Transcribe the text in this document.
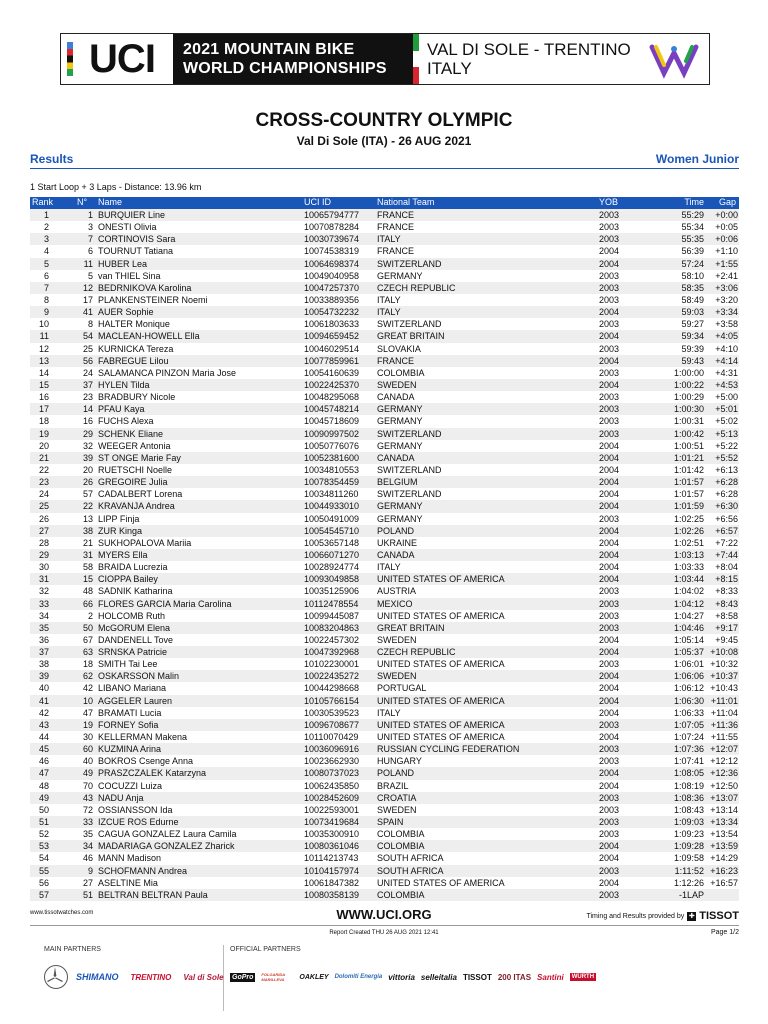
UCI 2021 MOUNTAIN BIKE
WORLD CHAMPIONSHIPS
VAL DI SOLE - TRENTINO
ITALY
CROSS-COUNTRY OLYMPIC
Val Di Sole (ITA) - 26 AUG 2021
Results	Women Junior
1 Start Loop + 3 Laps - Distance: 13.96 km
Rank	N°	Name	UCI ID	National Team	YOB	Time	Gap
1	1 BURQUIER Line	10065794777 FRANCE	2003	55:29	+0:00
2	3 ONESTI Olivia	10070878284 FRANCE	2003	55:34	+0:05
3	7 CORTINOVIS Sara	10030739674 ITALY	2003	55:35	+0:06
4	6 TOURNUT Tatiana	10074538319 FRANCE	2004	56:39	+1:10
5	11 HUBER Lea	10064698374 SWITZERLAND	2004	57:24	+1:55
6	5 van THIEL Sina	10049040958 GERMANY	2003	58:10	+2:41
7	12 BEDRNIKOVA Karolina	10047257370 CZECH REPUBLIC	2003	58:35	+3:06
8	17 PLANKENSTEINER Noemi	10033889356 ITALY	2003	58:49	+3:20
9	41 AUER Sophie	10054732232 ITALY	2004	59:03	+3:34
10	8 HALTER Monique	10061803633 SWITZERLAND	2003	59:27	+3:58
11	54 MACLEAN-HOWELL Ella	10094659452 GREAT BRITAIN	2004	59:34	+4:05
12	25 KURNICKA Tereza	10046029514 SLOVAKIA	2003	59:39	+4:10
13	56 FABREGUE Lilou	10077859961 FRANCE	2004	59:43	+4:14
14	24 SALAMANCA PINZON Maria Jose	10054160639 COLOMBIA	2003	1:00:00	+4:31
15	37 HYLEN Tilda	10022425370 SWEDEN	2004	1:00:22	+4:53
16	23 BRADBURY Nicole	10048295068 CANADA	2003	1:00:29	+5:00
17	14 PFAU Kaya	10045748214 GERMANY	2003	1:00:30	+5:01
18	16 FUCHS Alexa	10045718609 GERMANY	2003	1:00:31	+5:02
19	29 SCHENK Eliane	10090997502 SWITZERLAND	2003	1:00:42	+5:13
20	32 WEEGER Antonia	10050776076 GERMANY	2004	1:00:51	+5:22
21	39 ST ONGE Marie Fay	10052381600 CANADA	2004	1:01:21	+5:52
22	20 RUETSCHI Noelle	10034810553 SWITZERLAND	2004	1:01:42	+6:13
23	26 GREGOIRE Julia	10078354459 BELGIUM	2004	1:01:57	+6:28
24	57 CADALBERT Lorena	10034811260 SWITZERLAND	2004	1:01:57	+6:28
25	22 KRAVANJA Andrea	10044933010 GERMANY	2004	1:01:59	+6:30
26	13 LIPP Finja	10050491009 GERMANY	2003	1:02:25	+6:56
27	38 ZUR Kinga	10054545710 POLAND	2004	1:02:26	+6:57
28	21 SUKHOPALOVA Mariia	10053657148 UKRAINE	2004	1:02:51	+7:22
29	31 MYERS Ella	10066071270 CANADA	2004	1:03:13	+7:44
30	58 BRAIDA Lucrezia	10028924774 ITALY	2004	1:03:33	+8:04
31	15 CIOPPA Bailey	10093049858 UNITED STATES OF AMERICA	2004	1:03:44	+8:15
32	48 SADNIK Katharina	10035125906 AUSTRIA	2003	1:04:02	+8:33
33	66 FLORES GARCIA Maria Carolina	10112478554 MEXICO	2003	1:04:12	+8:43
34	2 HOLCOMB Ruth	10099445087 UNITED STATES OF AMERICA	2003	1:04:27	+8:58
35	50 McGORUM Elena	10083204863 GREAT BRITAIN	2003	1:04:46	+9:17
36	67 DANDENELL Tove	10022457302 SWEDEN	2004	1:05:14	+9:45
37	63 SRNSKA Patricie	10047392968 CZECH REPUBLIC	2004	1:05:37 +10:08
38	18 SMITH Tai Lee	10102230001 UNITED STATES OF AMERICA	2003	1:06:01 +10:32
39	62 OSKARSSON Malin	10022435272 SWEDEN	2004	1:06:06 +10:37
40	42 LIBANO Mariana	10044298668 PORTUGAL	2004	1:06:12 +10:43
41	10 AGGELER Lauren	10105766154 UNITED STATES OF AMERICA	2004	1:06:30 +11:01
42	47 BRAMATI Lucia	10030539523 ITALY	2004	1:06:33 +11:04
43	19 FORNEY Sofia	10096708677 UNITED STATES OF AMERICA	2003	1:07:05 +11:36
44	30 KELLERMAN Makena	10110070429 UNITED STATES OF AMERICA	2004	1:07:24 +11:55
45	60 KUZMINA Arina	10036096916 RUSSIAN CYCLING FEDERATION	2003	1:07:36 +12:07
46	40 BOKROS Csenge Anna	10023662930 HUNGARY	2003	1:07:41 +12:12
47	49 PRASZCZALEK Katarzyna	10080737023 POLAND	2004	1:08:05 +12:36
48	70 COCUZZI Luiza	10062435850 BRAZIL	2004	1:08:19 +12:50
49	43 NADU Anja	10028452609 CROATIA	2003	1:08:36 +13:07
50	72 OSSIANSSON Ida	10022593001 SWEDEN	2003	1:08:43 +13:14
51	33 IZCUE ROS Edurne	10073419684 SPAIN	2003	1:09:03 +13:34
52	35 CAGUA GONZALEZ Laura Camila	10035300910 COLOMBIA	2003	1:09:23 +13:54
53	34 MADARIAGA GONZALEZ Zharick	10080361046 COLOMBIA	2004	1:09:28 +13:59
54	46 MANN Madison	10114213743 SOUTH AFRICA	2004	1:09:58 +14:29
55	9 SCHOFMANN Andrea	10104157974 SOUTH AFRICA	2003	1:11:52 +16:23
56	27 ASELTINE Mia	10061847382 UNITED STATES OF AMERICA	2004	1:12:26 +16:57
57	51 BELTRAN BELTRAN Paula	10080358139 COLOMBIA	2003	-1LAP
www.tissotwatches.com	WWW.UCI.ORG	Timing and Results provided by ✚ TISSOT
Report Created THU 26 AUG 2021 12:41	Page 1/2
MAIN PARTNERS	OFFICIAL PARTNERS
SHIMANO TRENTINO Val di Sole GoPro	FOLGARIDA MARILLEVA	OAKLEY Dolomiti Energia vittoria selleitalia TISSOT 200 ITAS Santini	WÜRTH
